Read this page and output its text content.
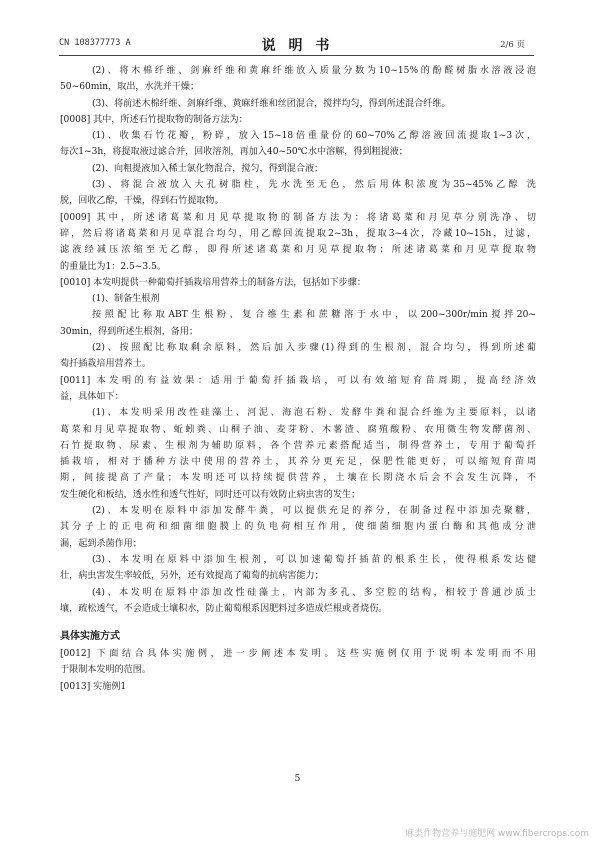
CN 108377773 A	说 明 书	2/6 页
(2)、将木棉纤维、剑麻纤维和黄麻纤维放入质量分数为10~15%的酚醛树脂水溶液浸泡
50~60min，取出，水洗并干燥；
(3)、将前述木棉纤维、剑麻纤维、黄麻纤维和丝团混合，搅拌均匀，得到所述混合纤维。
[0008] 其中，所述石竹提取物的制备方法为：
(1)、收集石竹花瓣，粉碎，放入15~18倍重量份的60~70%乙醇溶液回流提取1~3次，
每次1~3h，将提取液过滤合并，回收溶剂，再加入40~50℃水中溶解，得到粗提液；
(2)、向粗提液加入稀土氯化物混合，搅匀，得到混合液；
(3)、将混合液放入大孔树脂柱，先水洗至无色，然后用体积浓度为35~45%乙醇 洗
脱，回收乙醇，干燥，得到石竹提取物。
[0009] 其中，所述诸葛菜和月见草提取物的制备方法为：将诸葛菜和月见草分别洗净、切
碎，然后将诸葛菜和月见草混合均匀，用乙醇回流提取2~3h，提取3~4次，冷藏10~15h，过滤，
滤液经减压浓缩至无乙醇，即得所述诸葛菜和月见草提取物；所述诸葛菜和月见草提取物
的重量比为1：2.5~3.5。
[0010] 本发明提供一种葡萄扦插栽培用营养土的制备方法，包括如下步骤：
(1)、制备生根剂
按照配比称取ABT生根粉、复合维生素和蔗糖溶于水中，以200~300r/min搅拌20~
30min，得到所述生根剂，备用；
(2)、按照配比称取剩余原料，然后加入步骤(1)得到的生根剂，混合均匀，得到所述葡
萄扦插栽培用营养土。
[0011] 本发明的有益效果：适用于葡萄扦插栽培，可以有效缩短育苗周期，提高经济效
益，具体如下：
(1)、本发明采用改性硅藻土、河泥、海泡石粉、发酵牛粪和混合纤维为主要原料，以诸
葛菜和月见草提取物、蚯蚓粪、山桐子油、麦芽粉、木薯渣、腐殖酸粉、农用微生物发酵菌剂、
石竹提取物、尿素、生根剂为辅助原料，各个营养元素搭配适当，制得营养土，专用于葡萄扦
插栽培，相对于播种方法中使用的营养土，其养分更充足，保肥性能更好，可以缩短育苗周
期，间接提高了产量；本发明还可以持续提供营养，土壤在长期浇水后会不会发生沉降，不
发生硬化和板结，透水性和透气性好，同时还可以有效防止病虫害的发生；
(2)、本发明在原料中添加发酵牛粪，可以提供充足的养分，在制备过程中添加壳聚糖，
其分子上的正电荷和细菌细胞膜上的负电荷相互作用，使细菌细胞内蛋白酶和其他成分泄
漏，起到杀菌作用；
(3)、本发明在原料中添加生根剂，可以加速葡萄扦插苗的根系生长，使得根系发达健
壮，病虫害发生率较低，另外，还有效提高了葡萄的抗病害能力；
(4)、本发明在原料中添加改性硅藻土，内部为多孔、多空腔的结构，相较于普通沙质土
壤，疏松透气，不会造成土壤积水，防止葡萄根系因肥料过多造成烂根或者烧伤。
具体实施方式
[0012] 下面结合具体实施例，进一步阐述本发明。这些实施例仅用于说明本发明而不用
于限制本发明的范围。
[0013] 实施例1
5
麻类作物营养与施肥网 www.fibercrops.com
